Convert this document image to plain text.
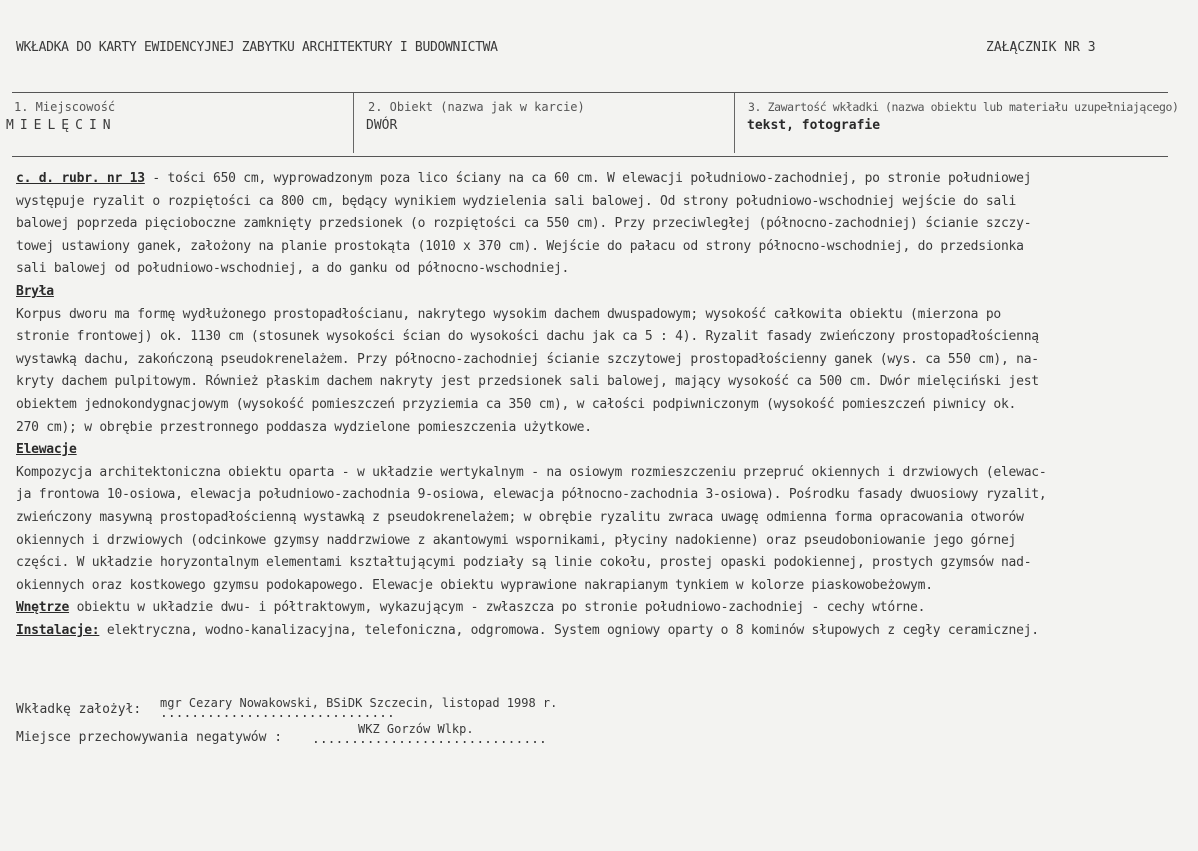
WKŁADKA DO KARTY EWIDENCYJNEJ ZABYTKU ARCHITEKTURY I BUDOWNICTWA	ZAŁĄCZNIK NR 3
1. Miejscowość
MIELĘCIN
2. Obiekt (nazwa jak w karcie)
DWÓR
3. Zawartość wkładki (nazwa obiektu lub materiału uzupełniającego)
tekst, fotografie

c. d. rubr. nr 13 - tości 650 cm, wyprowadzonym poza lico ściany na ca 60 cm. W elewacji południowo-zachodniej, po stronie południowej

występuje ryzalit o rozpiętości ca 800 cm, będący wynikiem wydzielenia sali balowej. Od strony południowo-wschodniej wejście do sali

balowej poprzeda pięcioboczne zamknięty przedsionek (o rozpiętości ca 550 cm). Przy przeciwległej (północno-zachodniej) ścianie szczy-

towej ustawiony ganek, założony na planie prostokąta (1010 x 370 cm). Wejście do pałacu od strony północno-wschodniej, do przedsionka

sali balowej od południowo-wschodniej, a do ganku od północno-wschodniej.

Bryła

Korpus dworu ma formę wydłużonego prostopadłościanu, nakrytego wysokim dachem dwuspadowym; wysokość całkowita obiektu (mierzona po

stronie frontowej) ok. 1130 cm (stosunek wysokości ścian do wysokości dachu jak ca 5 : 4). Ryzalit fasady zwieńczony prostopadłościenną

wystawką dachu, zakończoną pseudokrenelażem. Przy północno-zachodniej ścianie szczytowej prostopadłościenny ganek (wys. ca 550 cm), na-

kryty dachem pulpitowym. Również płaskim dachem nakryty jest przedsionek sali balowej, mający wysokość ca 500 cm. Dwór mielęciński jest

obiektem jednokondygnacjowym (wysokość pomieszczeń przyziemia ca 350 cm), w całości podpiwniczonym (wysokość pomieszczeń piwnicy ok.

270 cm); w obrębie przestronnego poddasza wydzielone pomieszczenia użytkowe.

Elewacje

Kompozycja architektoniczna obiektu oparta - w układzie wertykalnym - na osiowym rozmieszczeniu przepruć okiennych i drzwiowych (elewac-

ja frontowa 10-osiowa, elewacja południowo-zachodnia 9-osiowa, elewacja północno-zachodnia 3-osiowa). Pośrodku fasady dwuosiowy ryzalit,

zwieńczony masywną prostopadłościenną wystawką z pseudokrenelażem; w obrębie ryzalitu zwraca uwagę odmienna forma opracowania otworów

okiennych i drzwiowych (odcinkowe gzymsy naddrzwiowe z akantowymi wspornikami, płyciny nadokienne) oraz pseudoboniowanie jego górnej

części. W układzie horyzontalnym elementami kształtującymi podziały są linie cokołu, prostej opaski podokiennej, prostych gzymsów nad-

okiennych oraz kostkowego gzymsu podokapowego. Elewacje obiektu wyprawione nakrapianym tynkiem w kolorze piaskowobeżowym.

Wnętrze obiektu w układzie dwu- i półtraktowym, wykazującym - zwłaszcza po stronie południowo-zachodniej - cechy wtórne.

Instalacje: elektryczna, wodno-kanalizacyjna, telefoniczna, odgromowa. System ogniowy oparty o 8 kominów słupowych z cegły ceramicznej.

Wkładkę założył: ..............................
mgr Cezary Nowakowski, BSiDK Szczecin, listopad 1998 r.
Miejsce przechowywania negatywów : ..............................
WKZ Gorzów Wlkp.
